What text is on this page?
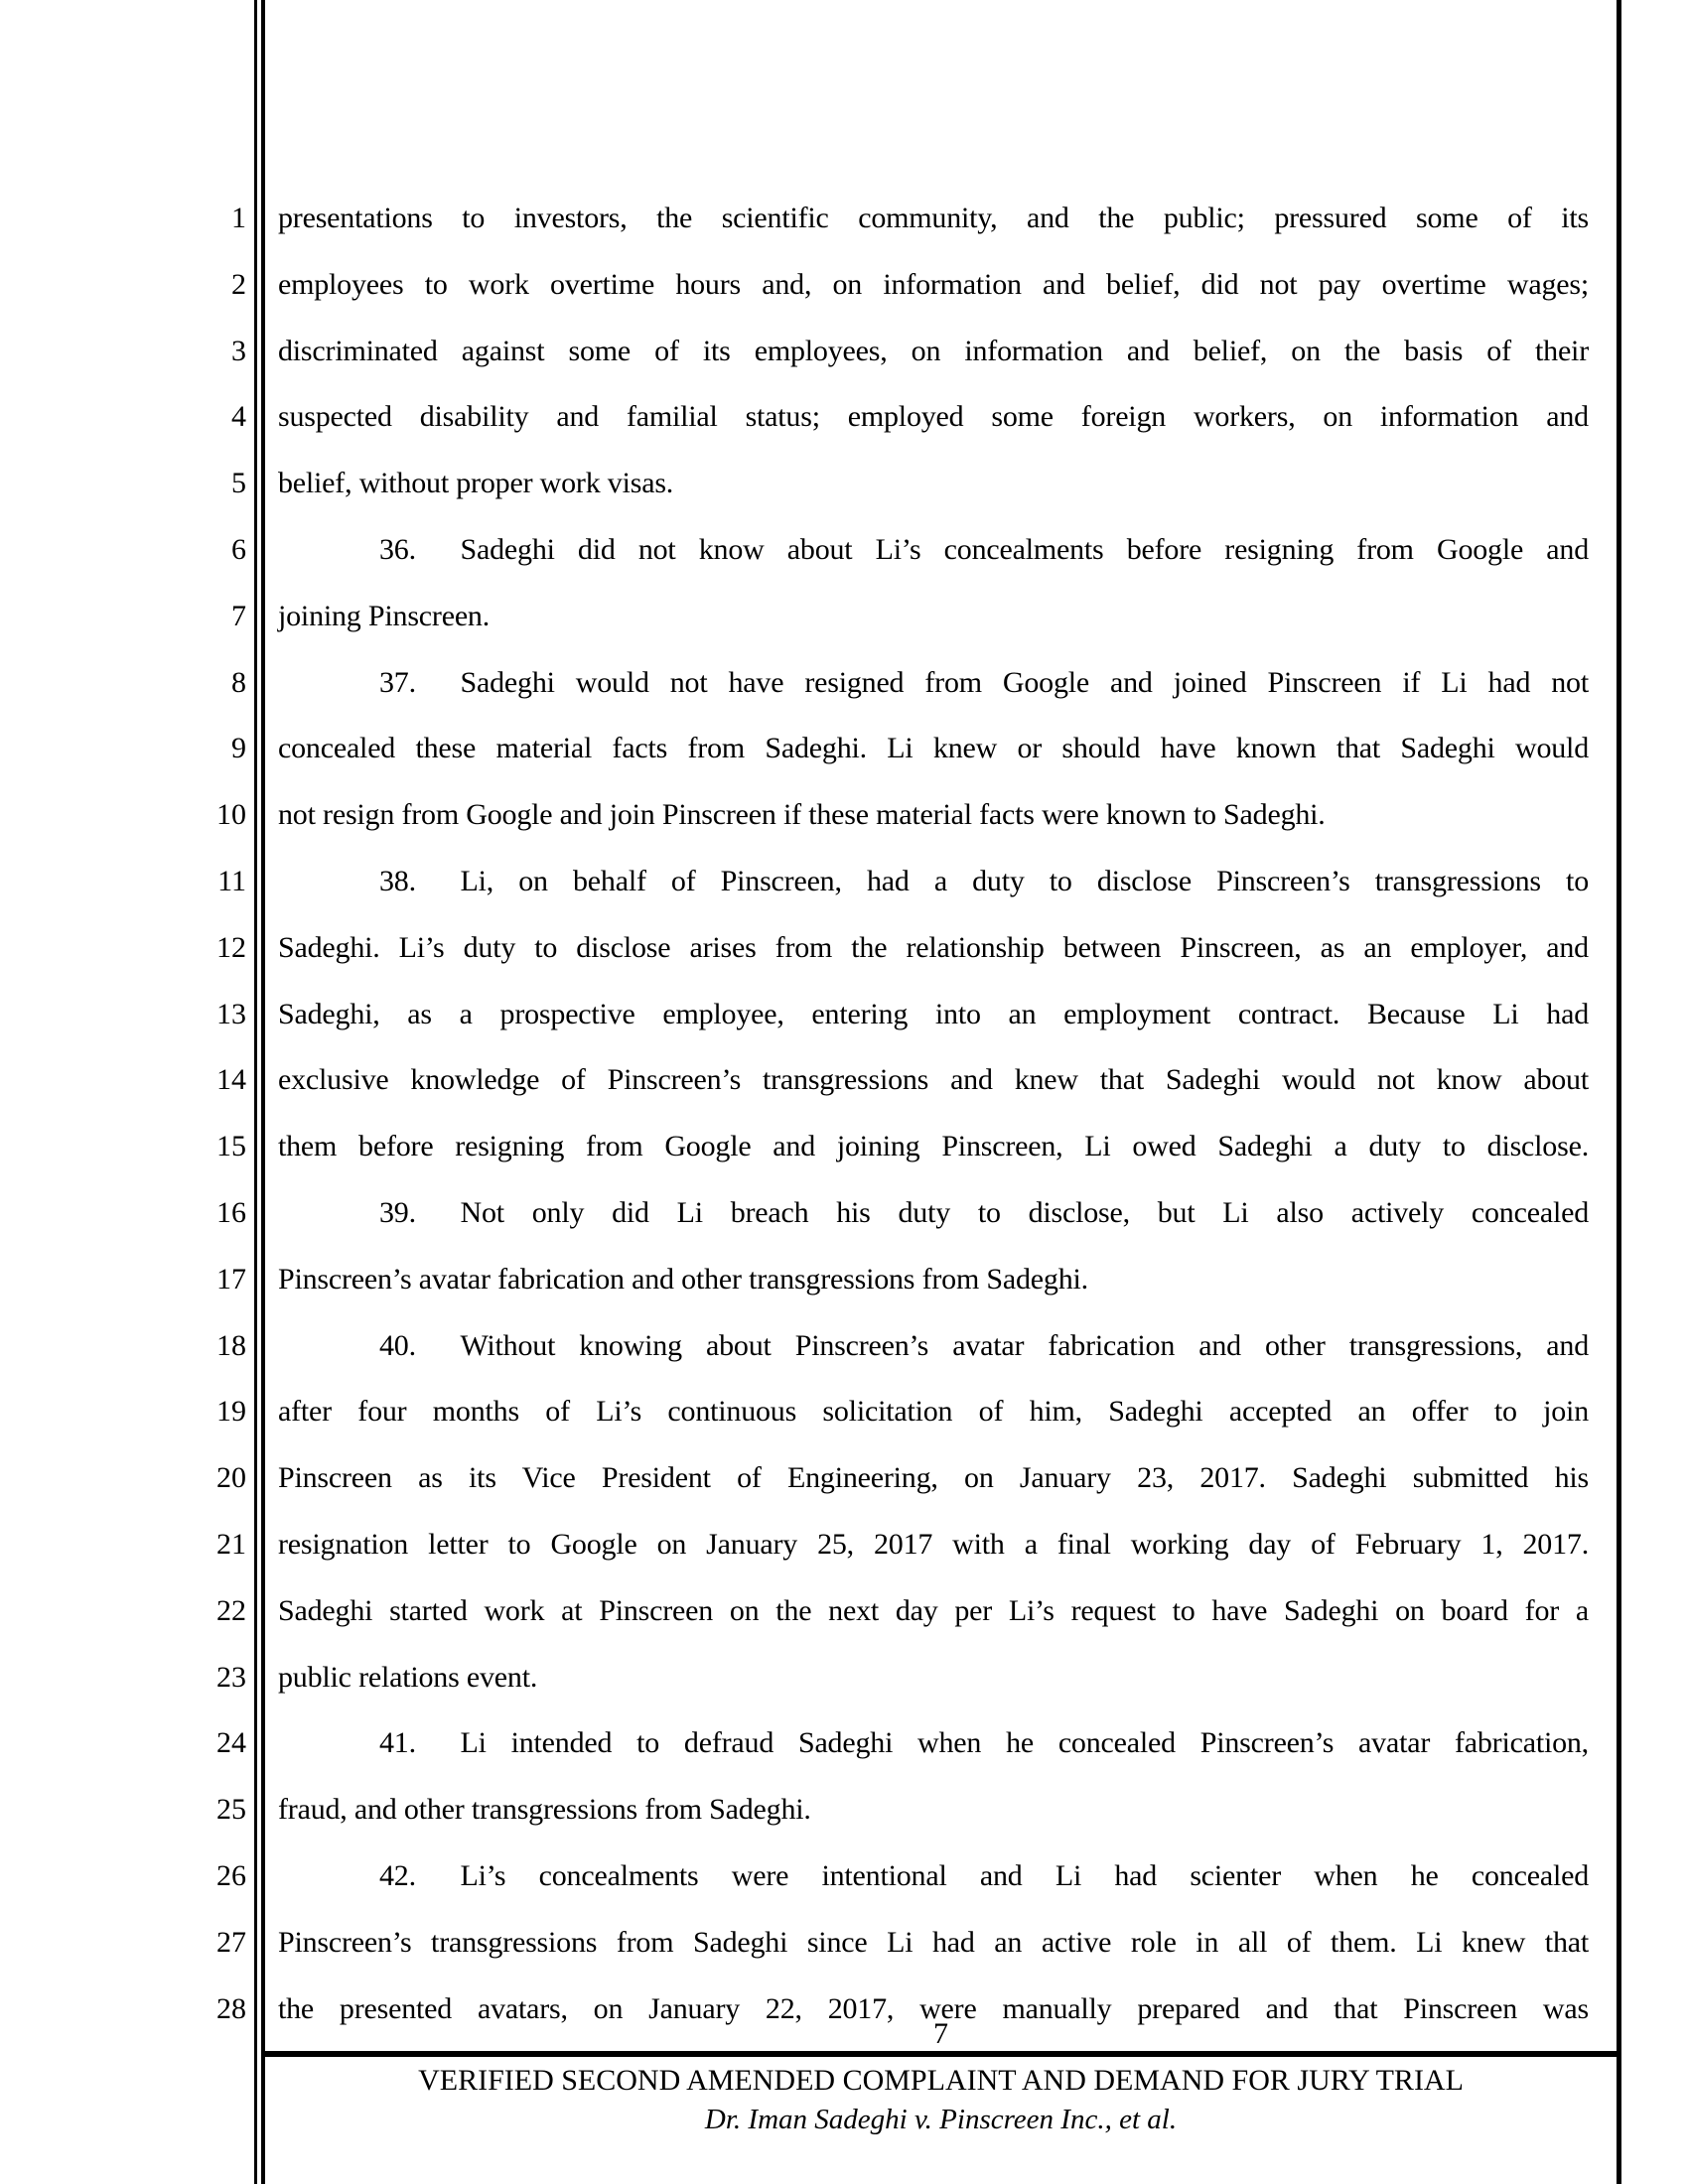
1
2
3
4
5
6
7
8
9
10
11
12
13
14
15
16
17
18
19
20
21
22
23
24
25
26
27
28
presentations to investors, the scientific community, and the public; pressured some of its
employees to work overtime hours and, on information and belief, did not pay overtime wages;
discriminated against some of its employees, on information and belief, on the basis of their
suspected disability and familial status; employed some foreign workers, on information and
belief, without proper work visas.
36.  Sadeghi did not know about Li’s concealments before resigning from Google and
joining Pinscreen.
37.  Sadeghi would not have resigned from Google and joined Pinscreen if Li had not
concealed these material facts from Sadeghi. Li knew or should have known that Sadeghi would
not resign from Google and join Pinscreen if these material facts were known to Sadeghi.
38.  Li, on behalf of Pinscreen, had a duty to disclose Pinscreen’s transgressions to
Sadeghi. Li’s duty to disclose arises from the relationship between Pinscreen, as an employer, and
Sadeghi, as a prospective employee, entering into an employment contract. Because Li had
exclusive knowledge of Pinscreen’s transgressions and knew that Sadeghi would not know about
them before resigning from Google and joining Pinscreen, Li owed Sadeghi a duty to disclose.
39.  Not only did Li breach his duty to disclose, but Li also actively concealed
Pinscreen’s avatar fabrication and other transgressions from Sadeghi.
40.  Without knowing about Pinscreen’s avatar fabrication and other transgressions, and
after four months of Li’s continuous solicitation of him, Sadeghi accepted an offer to join
Pinscreen as its Vice President of Engineering, on January 23, 2017. Sadeghi submitted his
resignation letter to Google on January 25, 2017 with a final working day of February 1, 2017.
Sadeghi started work at Pinscreen on the next day per Li’s request to have Sadeghi on board for a
public relations event.
41.  Li intended to defraud Sadeghi when he concealed Pinscreen’s avatar fabrication,
fraud, and other transgressions from Sadeghi.
42.  Li’s concealments were intentional and Li had scienter when he concealed
Pinscreen’s transgressions from Sadeghi since Li had an active role in all of them. Li knew that
the presented avatars, on January 22, 2017, were manually prepared and that Pinscreen was
7
VERIFIED SECOND AMENDED COMPLAINT AND DEMAND FOR JURY TRIAL
Dr. Iman Sadeghi v. Pinscreen Inc., et al.
